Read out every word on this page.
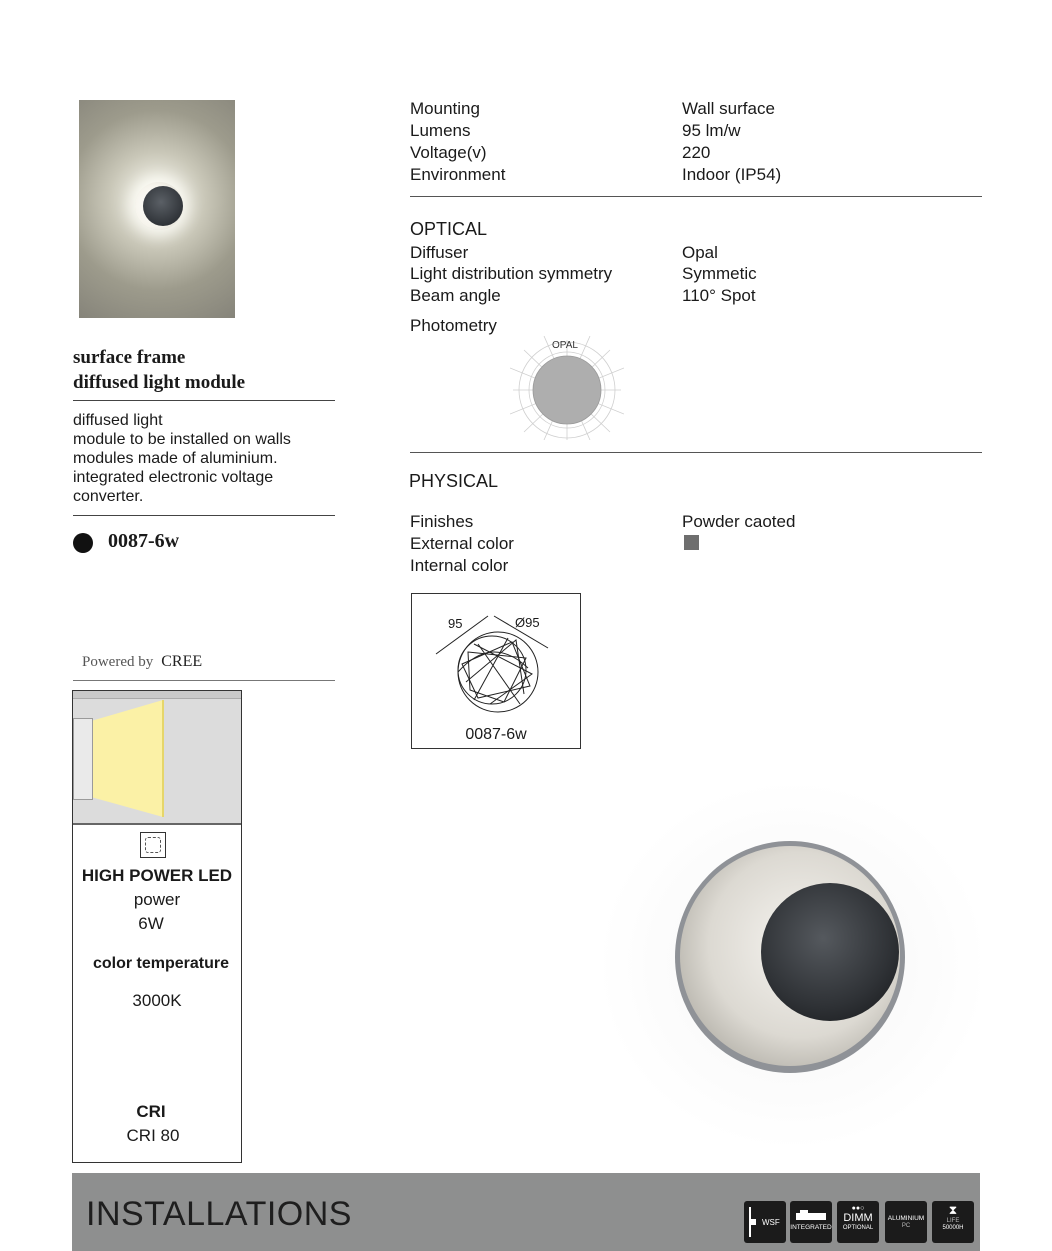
surface frame
diffused light module
diffused light
module to be installed on walls
modules made of aluminium.
integrated electronic voltage
converter.
0087-6w
Powered by CREE
HIGH POWER LED
power
6W
color temperature
3000K
CRI
CRI 80
Mounting	Wall surface
Lumens	95 lm/w
Voltage(v)	220
Environment	Indoor (IP54)
OPTICAL
Diffuser	Opal
Light distribution symmetry	Symmetic
Beam angle	110° Spot
Photometry
OPAL
PHYSICAL
Finishes	Powder caoted
External color
Internal color
95	Ø95
0087-6w
INSTALLATIONS	WSF
INTEGRATED
●●○
DIMM
OPTIONAL
ALUMINIUM
PC
⧗
LIFE
50000H
